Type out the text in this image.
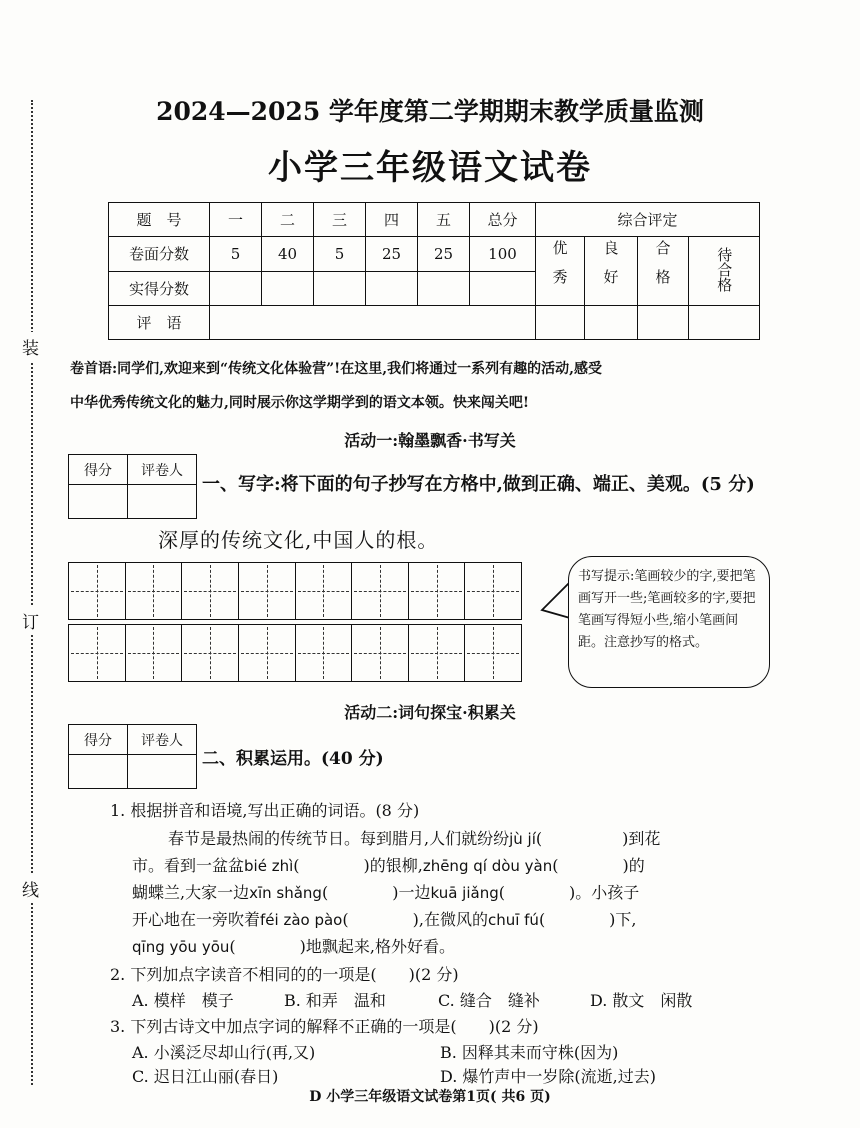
装
订
线
2024—2025 学年度第二学期期末教学质量监测
小学三年级语文试卷
题　号	一	二	三	四	五	总分	综合评定			
卷面分数	5	40	5	25	25	100	优秀	良好	合格	待合格
实得分数										
评　语										
卷首语:同学们,欢迎来到“传统文化体验营”!在这里,我们将通过一系列有趣的活动,感受
中华优秀传统文化的魅力,同时展示你这学期学到的语文本领。快来闯关吧!
活动一:翰墨飘香·书写关
得分	评卷人

一、写字:将下面的句子抄写在方格中,做到正确、端正、美观。(5 分)
深厚的传统文化,中国人的根。
书写提示:笔画较少的字,要把笔画写开一些;笔画较多的字,要把笔画写得短小些,缩小笔画间距。注意抄写的格式。
活动二:词句探宝·积累关
得分	评卷人

二、积累运用。(40 分)
1. 根据拼音和语境,写出正确的词语。(8 分)
春节是最热闹的传统节日。每到腊月,人们就纷纷jù jí(　　　　　)到花
市。看到一盆盆bié zhì(　　　　)的银柳,zhēng qí dòu yàn(　　　　)的
蝴蝶兰,大家一边xīn shǎng(　　　　)一边kuā jiǎng(　　　　)。小孩子
开心地在一旁吹着féi zào pào(　　　　),在微风的chuī fú(　　　　)下,
qīng yōu yōu(　　　　)地飘起来,格外好看。
2. 下列加点字读音不相同的的一项是(　　)(2 分)
A. 模样　模子	B. 和弄　温和	C. 缝合　缝补	D. 散文　闲散
3. 下列古诗文中加点字词的解释不正确的一项是(　　)(2 分)
A. 小溪泛尽却山行(再,又)	B. 因释其耒而守株(因为)
C. 迟日江山丽(春日)	D. 爆竹声中一岁除(流逝,过去)
D 小学三年级语文试卷第1页( 共6 页)
